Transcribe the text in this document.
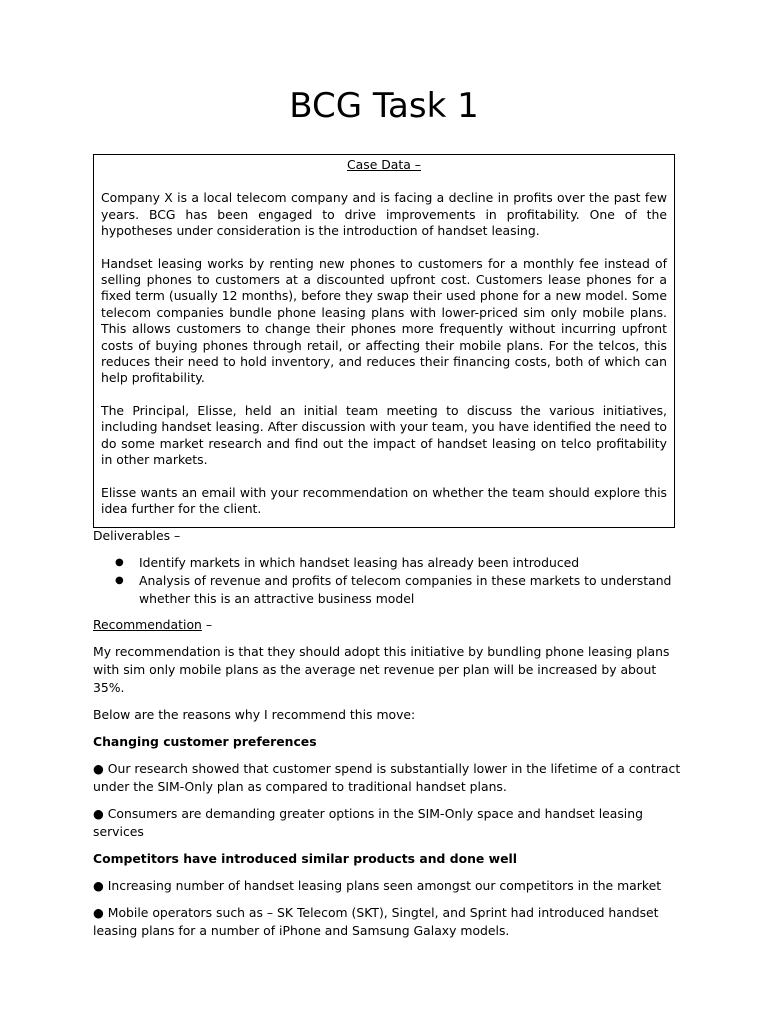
BCG Task 1
Case Data –

Company X is a local telecom company and is facing a decline in profits over the past few years. BCG has been engaged to drive improvements in profitability. One of the hypotheses under consideration is the introduction of handset leasing.

Handset leasing works by renting new phones to customers for a monthly fee instead of selling phones to customers at a discounted upfront cost. Customers lease phones for a fixed term (usually 12 months), before they swap their used phone for a new model. Some telecom companies bundle phone leasing plans with lower-priced sim only mobile plans. This allows customers to change their phones more frequently without incurring upfront costs of buying phones through retail, or affecting their mobile plans. For the telcos, this reduces their need to hold inventory, and reduces their financing costs, both of which can help profitability.

The Principal, Elisse, held an initial team meeting to discuss the various initiatives, including handset leasing. After discussion with your team, you have identified the need to do some market research and find out the impact of handset leasing on telco profitability in other markets.

Elisse wants an email with your recommendation on whether the team should explore this idea further for the client.

Deliverables –

● Identify markets in which handset leasing has already been introduced
● Analysis of revenue and profits of telecom companies in these markets to understand whether this is an attractive business model

Recommendation –

My recommendation is that they should adopt this initiative by bundling phone leasing plans with sim only mobile plans as the average net revenue per plan will be increased by about 35%.

Below are the reasons why I recommend this move:

Changing customer preferences

● Our research showed that customer spend is substantially lower in the lifetime of a contract under the SIM-Only plan as compared to traditional handset plans.

● Consumers are demanding greater options in the SIM-Only space and handset leasing services

Competitors have introduced similar products and done well

● Increasing number of handset leasing plans seen amongst our competitors in the market

● Mobile operators such as – SK Telecom (SKT), Singtel, and Sprint had introduced handset leasing plans for a number of iPhone and Samsung Galaxy models.
